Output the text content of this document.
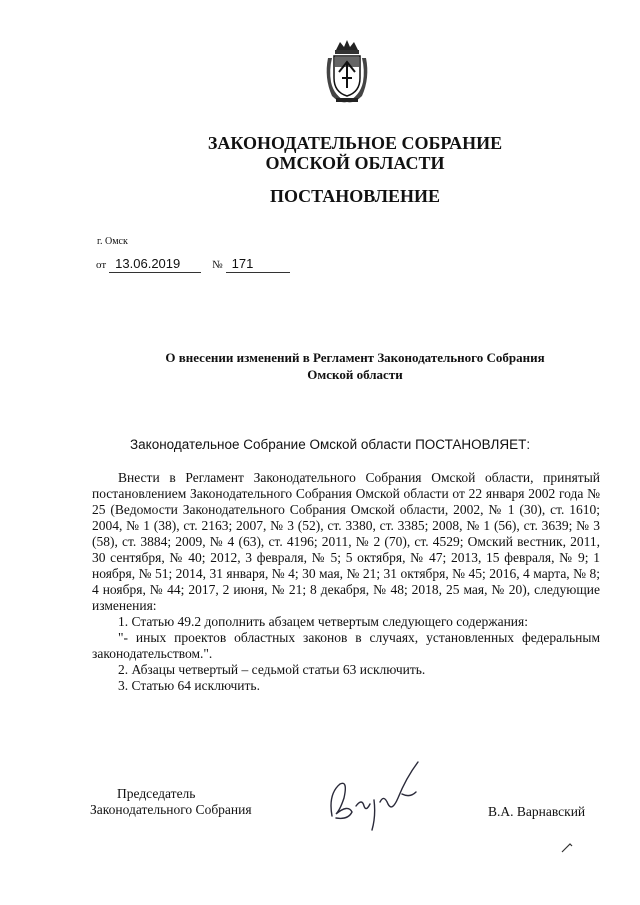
ЗАКОНОДАТЕЛЬНОЕ СОБРАНИЕ
ОМСКОЙ ОБЛАСТИ
ПОСТАНОВЛЕНИЕ
г. Омск
от 13.06.2019	№ 171
О внесении изменений в Регламент Законодательного Собрания
Омской области
Законодательное Собрание Омской области ПОСТАНОВЛЯЕТ:

Внести в Регламент Законодательного Собрания Омской области, принятый постановлением Законодательного Собрания Омской области от 22 января 2002 года № 25 (Ведомости Законодательного Собрания Омской области, 2002, № 1 (30), ст. 1610; 2004, № 1 (38), ст. 2163; 2007, № 3 (52), ст. 3380, ст. 3385; 2008, № 1 (56), ст. 3639; № 3 (58), ст. 3884; 2009, № 4 (63), ст. 4196; 2011, № 2 (70), ст. 4529; Омский вестник, 2011, 30 сентября, № 40; 2012, 3 февраля, № 5; 5 октября, № 47; 2013, 15 февраля, № 9; 1 ноября, № 51; 2014, 31 января, № 4; 30 мая, № 21; 31 октября, № 45; 2016, 4 марта, № 8; 4 ноября, № 44; 2017, 2 июня, № 21; 8 декабря, № 48; 2018, 25 мая, № 20), следующие изменения:

1. Статью 49.2 дополнить абзацем четвертым следующего содержания:

"- иных проектов областных законов в случаях, установленных федеральным законодательством.".

2. Абзацы четвертый – седьмой статьи 63 исключить.

3. Статью 64 исключить.

Председатель
Законодательного Собрания	В.А. Варнавский
